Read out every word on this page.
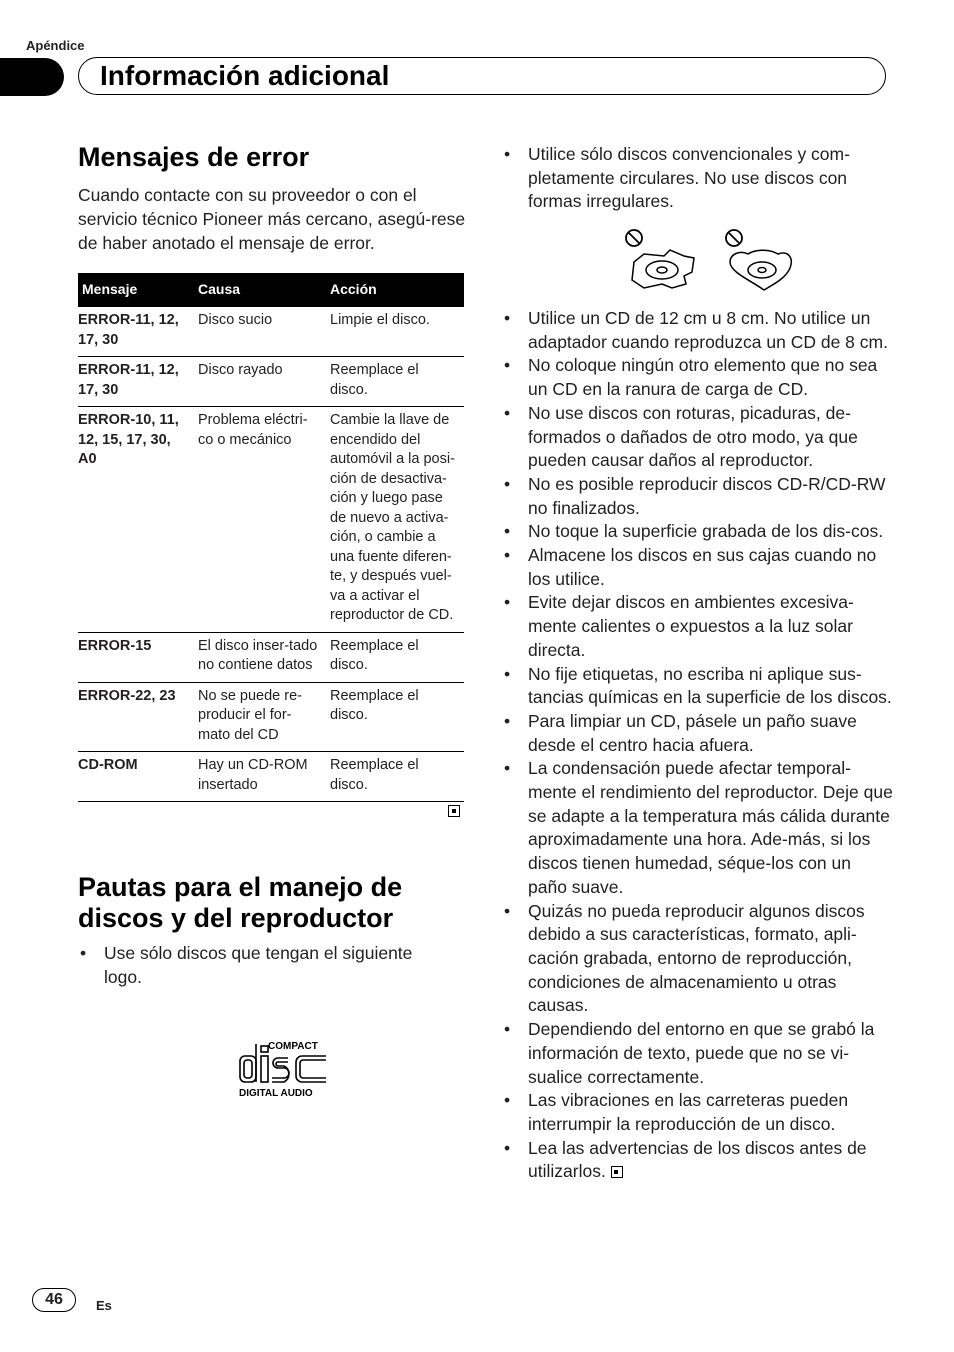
Apéndice
Información adicional
Mensajes de error
Cuando contacte con su proveedor o con el servicio técnico Pioneer más cercano, asegú-rese de haber anotado el mensaje de error.
Mensaje	Causa	Acción
ERROR-11, 12, 17, 30	Disco sucio	Limpie el disco.
ERROR-11, 12, 17, 30	Disco rayado	Reemplace el disco.
ERROR-10, 11, 12, 15, 17, 30, A0	Problema eléctri-co o mecánico	Cambie la llave de encendido del automóvil a la posi-ción de desactiva-ción y luego pase de nuevo a activa-ción, o cambie a una fuente diferen-te, y después vuel-va a activar el reproductor de CD.
ERROR-15	El disco inser-tado no contiene datos	Reemplace el disco.
ERROR-22, 23	No se puede re-producir el for-mato del CD	Reemplace el disco.
CD-ROM	Hay un CD-ROM insertado	Reemplace el disco.
Pautas para el manejo de
discos y del reproductor
• Use sólo discos que tengan el siguiente logo.
COMPACT
DIGITAL AUDIO
• Utilice sólo discos convencionales y com-pletamente circulares. No use discos con formas irregulares.
• Utilice un CD de 12 cm u 8 cm. No utilice un adaptador cuando reproduzca un CD de 8 cm.
• No coloque ningún otro elemento que no sea un CD en la ranura de carga de CD.
• No use discos con roturas, picaduras, de-formados o dañados de otro modo, ya que pueden causar daños al reproductor.
• No es posible reproducir discos CD-R/CD-RW no finalizados.
• No toque la superficie grabada de los dis-cos.
• Almacene los discos en sus cajas cuando no los utilice.
• Evite dejar discos en ambientes excesiva-mente calientes o expuestos a la luz solar directa.
• No fije etiquetas, no escriba ni aplique sus-tancias químicas en la superficie de los discos.
• Para limpiar un CD, pásele un paño suave desde el centro hacia afuera.
• La condensación puede afectar temporal-mente el rendimiento del reproductor. Deje que se adapte a la temperatura más cálida durante aproximadamente una hora. Ade-más, si los discos tienen humedad, séque-los con un paño suave.
• Quizás no pueda reproducir algunos discos debido a sus características, formato, apli-cación grabada, entorno de reproducción, condiciones de almacenamiento u otras causas.
• Dependiendo del entorno en que se grabó la información de texto, puede que no se vi-sualice correctamente.
• Las vibraciones en las carreteras pueden interrumpir la reproducción de un disco.
• Lea las advertencias de los discos antes de utilizarlos.
46	Es
